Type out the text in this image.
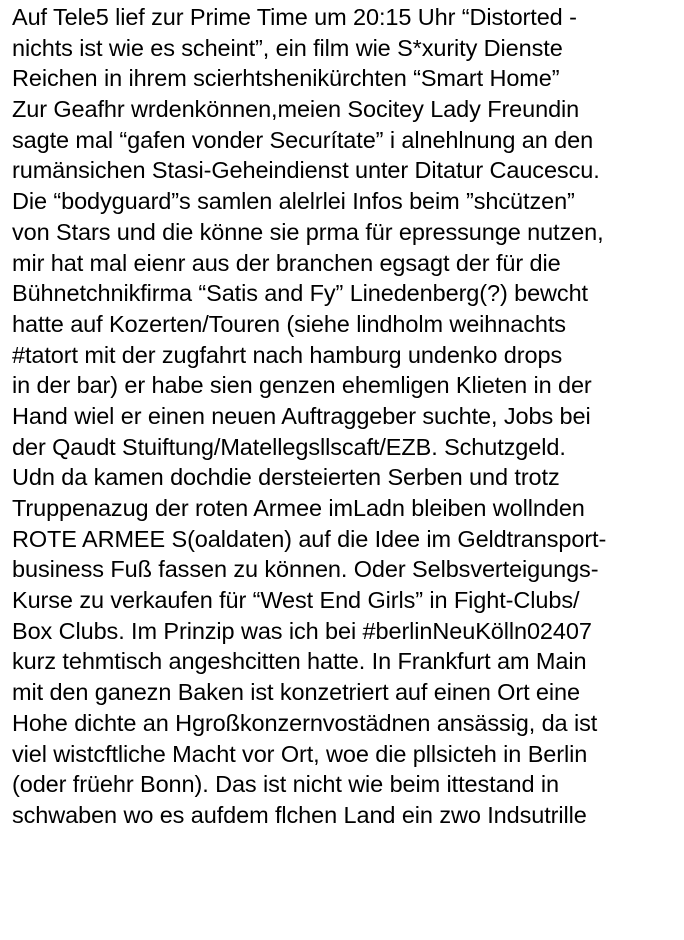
Auf Tele5 lief zur Prime Time um 20:15 Uhr “Distorted -
nichts ist wie es scheint”, ein film wie S*xurity Dienste
Reichen in ihrem scierhtshenikürchten “Smart Home”
Zur Geafhr wrdenkönnen,meien Socitey Lady Freundin
sagte mal “gafen vonder Securítate” i alnehlnung an den
rumänsichen Stasi-Geheindienst unter Ditatur Caucescu.
Die “bodyguard”s samlen alelrlei Infos beim ”shcützen”
von Stars und die könne sie prma für epressunge nutzen,
mir hat mal eienr aus der branchen egsagt der für die
Bühnetchnikfirma “Satis and Fy” Linedenberg(?) bewcht
hatte auf Kozerten/Touren (siehe lindholm weihnachts
#tatort mit der zugfahrt nach hamburg undenko drops
in der bar) er habe sien genzen ehemligen Klieten in der
Hand wiel er einen neuen Auftraggeber suchte, Jobs bei
der Qaudt Stuiftung/Matellegsllscaft/EZB. Schutzgeld.
Udn da kamen dochdie dersteierten Serben und trotz
Truppenazug der roten Armee imLadn bleiben wollnden
ROTE ARMEE S(oaldaten) auf die Idee im Geldtransport-
business Fuß fassen zu können. Oder Selbsverteigungs-
Kurse zu verkaufen für “West End Girls” in Fight-Clubs/
Box Clubs. Im Prinzip was ich bei #berlinNeuKölln02407
kurz tehmtisch angeshcitten hatte. In Frankfurt am Main
mit den ganezn Baken ist konzetriert auf einen Ort eine
Hohe dichte an Hgroßkonzernvostädnen ansässig, da ist
viel wistcftliche Macht vor Ort, woe die pllsicteh in Berlin
(oder früehr Bonn). Das ist nicht wie beim ittestand in
schwaben wo es aufdem flchen Land ein zwo Indsutrille
